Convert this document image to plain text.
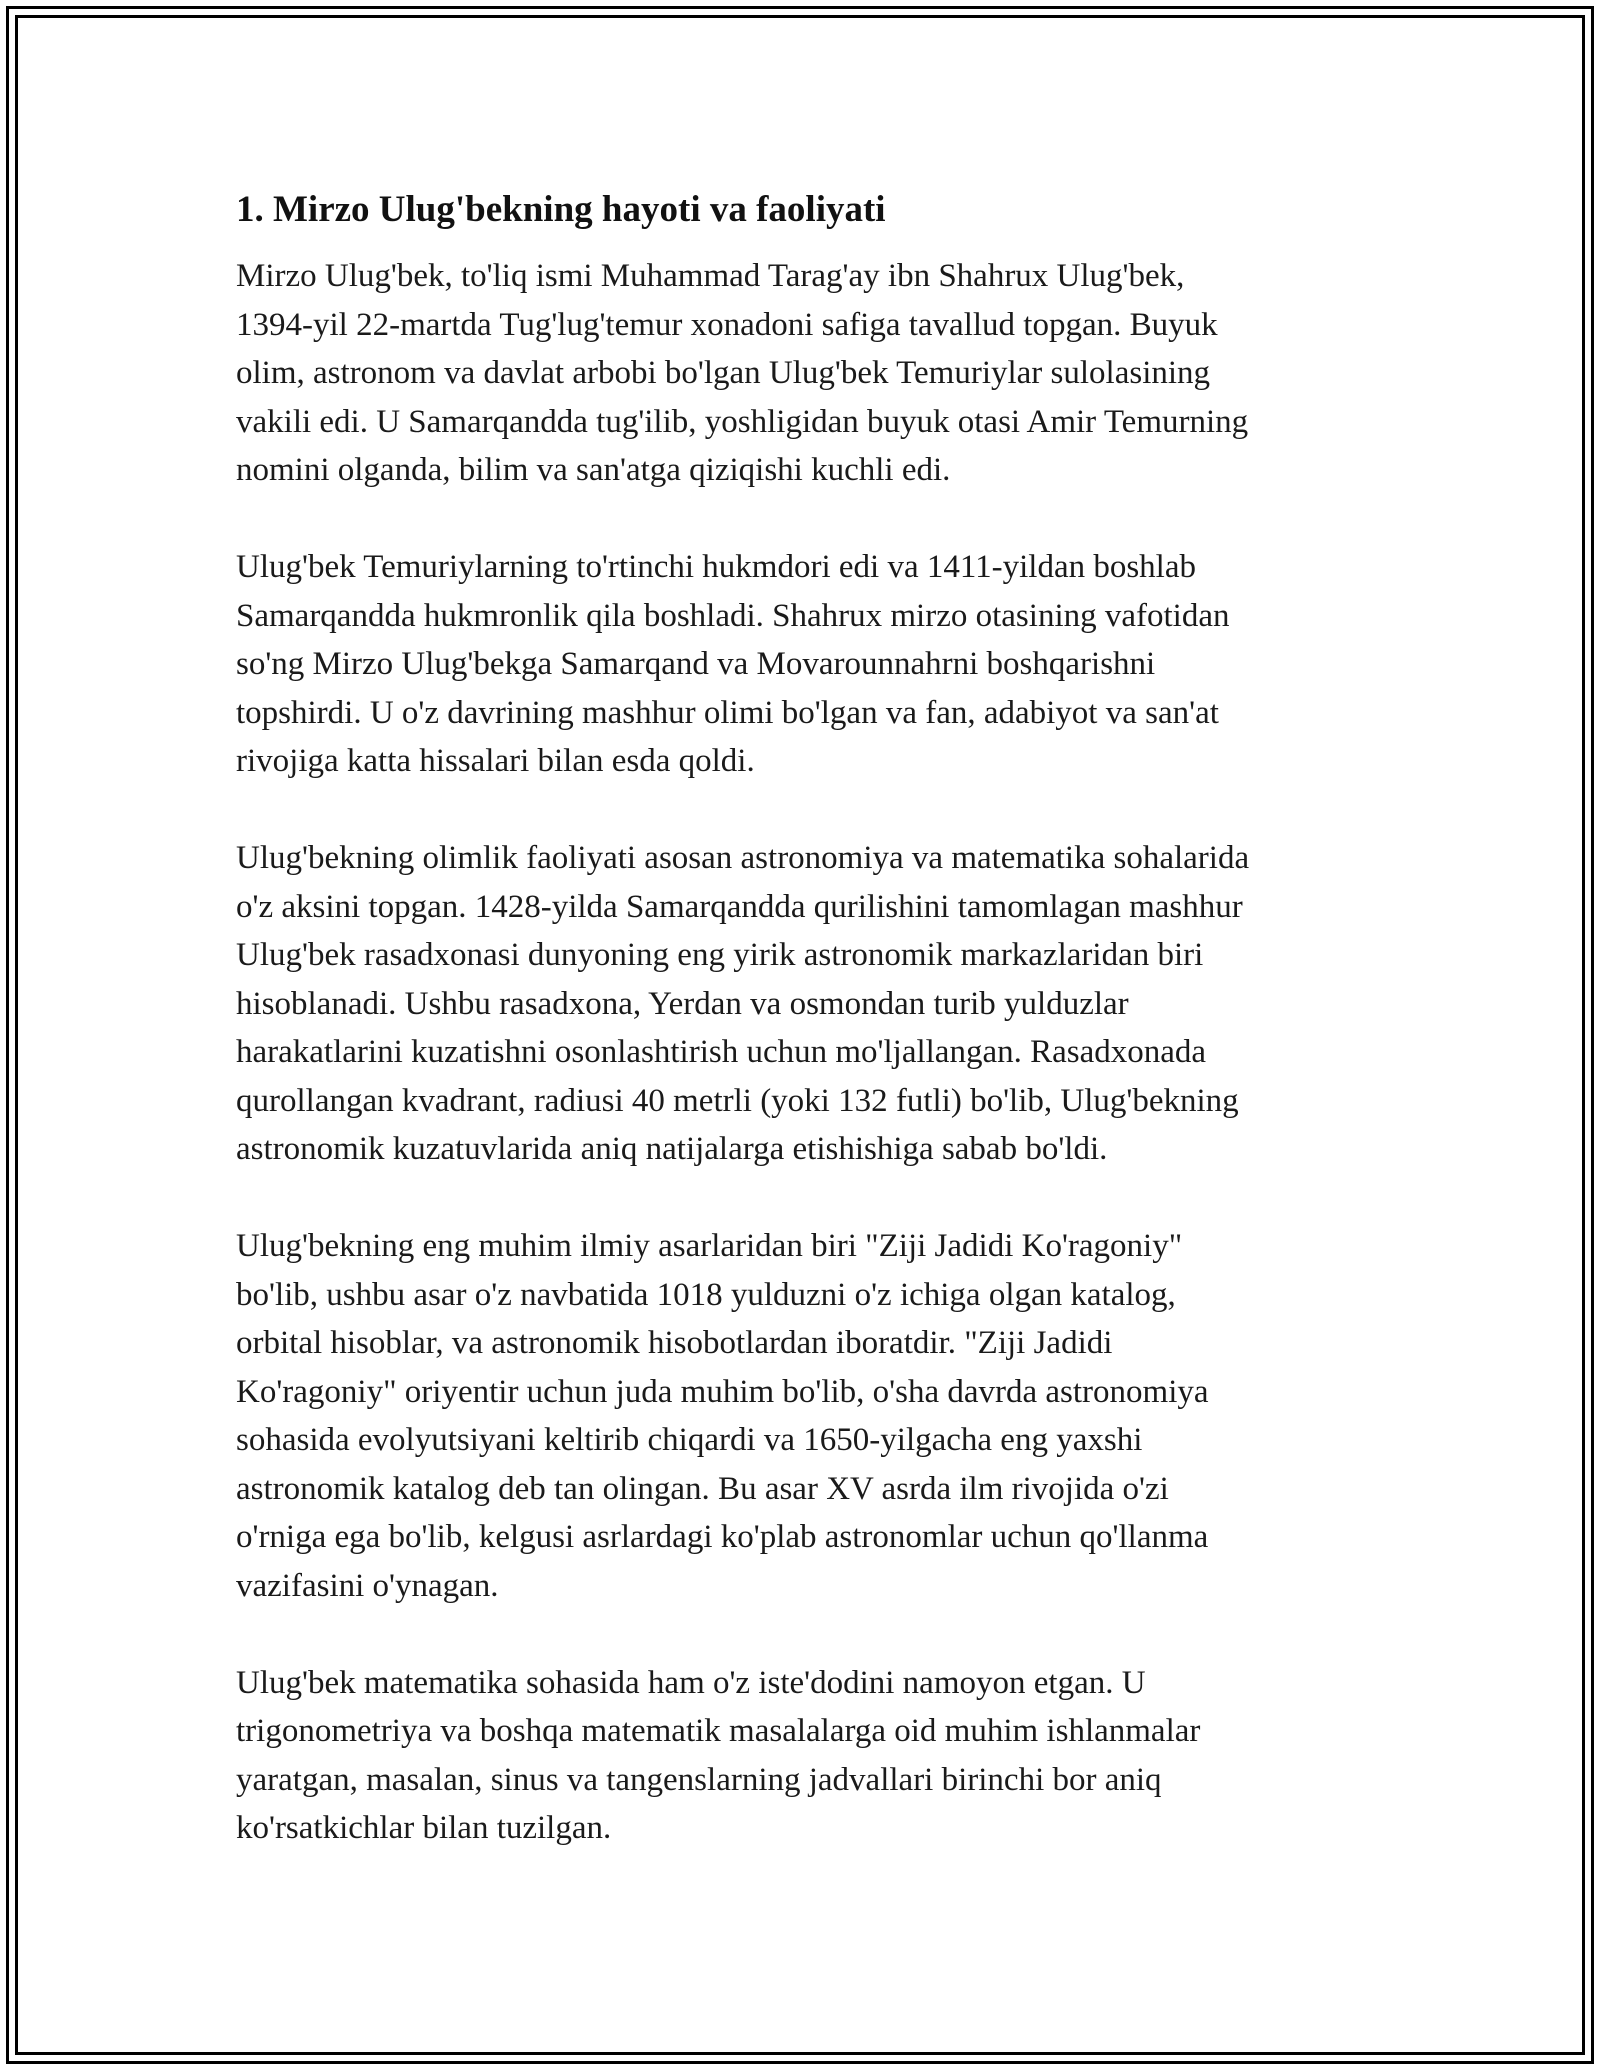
1. Mirzo Ulug'bekning hayoti va faoliyati

Mirzo Ulug'bek, to'liq ismi Muhammad Tarag'ay ibn Shahrux Ulug'bek,
1394-yil 22-martda Tug'lug'temur xonadoni safiga tavallud topgan. Buyuk
olim, astronom va davlat arbobi bo'lgan Ulug'bek Temuriylar sulolasining
vakili edi. U Samarqandda tug'ilib, yoshligidan buyuk otasi Amir Temurning
nomini olganda, bilim va san'atga qiziqishi kuchli edi.

Ulug'bek Temuriylarning to'rtinchi hukmdori edi va 1411-yildan boshlab
Samarqandda hukmronlik qila boshladi. Shahrux mirzo otasining vafotidan
so'ng Mirzo Ulug'bekga Samarqand va Movarounnahrni boshqarishni
topshirdi. U o'z davrining mashhur olimi bo'lgan va fan, adabiyot va san'at
rivojiga katta hissalari bilan esda qoldi.

Ulug'bekning olimlik faoliyati asosan astronomiya va matematika sohalarida
o'z aksini topgan. 1428-yilda Samarqandda qurilishini tamomlagan mashhur
Ulug'bek rasadxonasi dunyoning eng yirik astronomik markazlaridan biri
hisoblanadi. Ushbu rasadxona, Yerdan va osmondan turib yulduzlar
harakatlarini kuzatishni osonlashtirish uchun mo'ljallangan. Rasadxonada
qurollangan kvadrant, radiusi 40 metrli (yoki 132 futli) bo'lib, Ulug'bekning
astronomik kuzatuvlarida aniq natijalarga etishishiga sabab bo'ldi.

Ulug'bekning eng muhim ilmiy asarlaridan biri "Ziji Jadidi Ko'ragoniy"
bo'lib, ushbu asar o'z navbatida 1018 yulduzni o'z ichiga olgan katalog,
orbital hisoblar, va astronomik hisobotlardan iboratdir. "Ziji Jadidi
Ko'ragoniy" oriyentir uchun juda muhim bo'lib, o'sha davrda astronomiya
sohasida evolyutsiyani keltirib chiqardi va 1650-yilgacha eng yaxshi
astronomik katalog deb tan olingan. Bu asar XV asrda ilm rivojida o'zi
o'rniga ega bo'lib, kelgusi asrlardagi ko'plab astronomlar uchun qo'llanma
vazifasini o'ynagan.

Ulug'bek matematika sohasida ham o'z iste'dodini namoyon etgan. U
trigonometriya va boshqa matematik masalalarga oid muhim ishlanmalar
yaratgan, masalan, sinus va tangenslarning jadvallari birinchi bor aniq
ko'rsatkichlar bilan tuzilgan.
